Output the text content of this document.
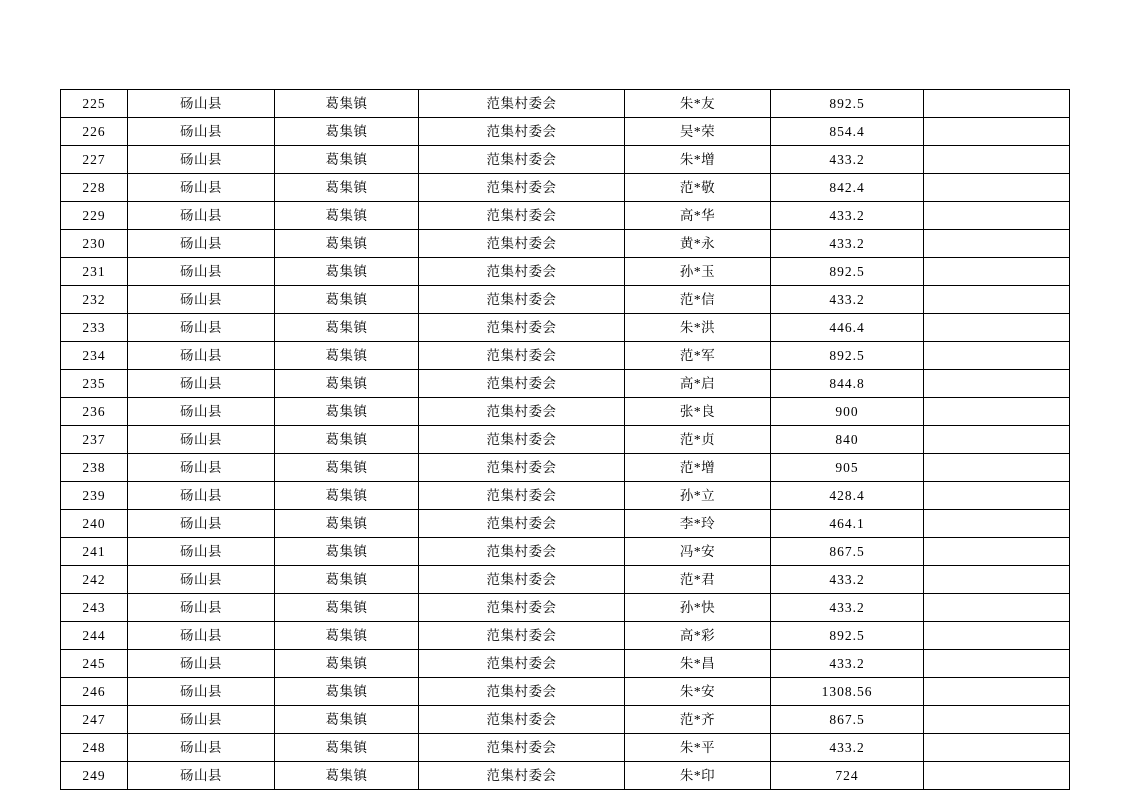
225	砀山县	葛集镇	范集村委会	朱*友	892.5	
226	砀山县	葛集镇	范集村委会	吴*荣	854.4	
227	砀山县	葛集镇	范集村委会	朱*增	433.2	
228	砀山县	葛集镇	范集村委会	范*敬	842.4	
229	砀山县	葛集镇	范集村委会	高*华	433.2	
230	砀山县	葛集镇	范集村委会	黄*永	433.2	
231	砀山县	葛集镇	范集村委会	孙*玉	892.5	
232	砀山县	葛集镇	范集村委会	范*信	433.2	
233	砀山县	葛集镇	范集村委会	朱*洪	446.4	
234	砀山县	葛集镇	范集村委会	范*军	892.5	
235	砀山县	葛集镇	范集村委会	高*启	844.8	
236	砀山县	葛集镇	范集村委会	张*良	900	
237	砀山县	葛集镇	范集村委会	范*贞	840	
238	砀山县	葛集镇	范集村委会	范*增	905	
239	砀山县	葛集镇	范集村委会	孙*立	428.4	
240	砀山县	葛集镇	范集村委会	李*玲	464.1	
241	砀山县	葛集镇	范集村委会	冯*安	867.5	
242	砀山县	葛集镇	范集村委会	范*君	433.2	
243	砀山县	葛集镇	范集村委会	孙*快	433.2	
244	砀山县	葛集镇	范集村委会	高*彩	892.5	
245	砀山县	葛集镇	范集村委会	朱*昌	433.2	
246	砀山县	葛集镇	范集村委会	朱*安	1308.56	
247	砀山县	葛集镇	范集村委会	范*齐	867.5	
248	砀山县	葛集镇	范集村委会	朱*平	433.2	
249	砀山县	葛集镇	范集村委会	朱*印	724	
